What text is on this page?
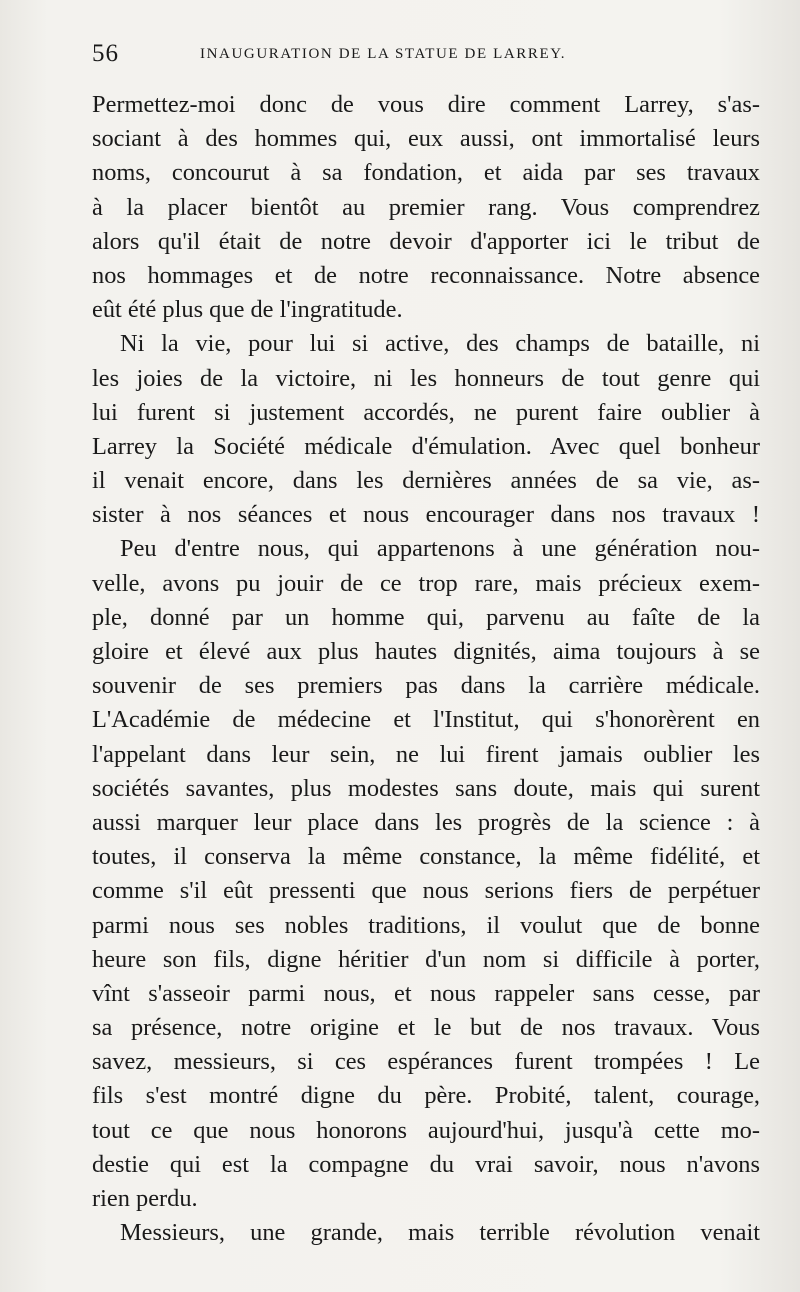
56	INAUGURATION DE LA STATUE DE LARREY.
Permettez-moi donc de vous dire comment Larrey, s'as-
sociant à des hommes qui, eux aussi, ont immortalisé leurs
noms, concourut à sa fondation, et aida par ses travaux
à la placer bientôt au premier rang. Vous comprendrez
alors qu'il était de notre devoir d'apporter ici le tribut de
nos hommages et de notre reconnaissance. Notre absence
eût été plus que de l'ingratitude.
Ni la vie, pour lui si active, des champs de bataille, ni
les joies de la victoire, ni les honneurs de tout genre qui
lui furent si justement accordés, ne purent faire oublier à
Larrey la Société médicale d'émulation. Avec quel bonheur
il venait encore, dans les dernières années de sa vie, as-
sister à nos séances et nous encourager dans nos travaux !
Peu d'entre nous, qui appartenons à une génération nou-
velle, avons pu jouir de ce trop rare, mais précieux exem-
ple, donné par un homme qui, parvenu au faîte de la
gloire et élevé aux plus hautes dignités, aima toujours à se
souvenir de ses premiers pas dans la carrière médicale.
L'Académie de médecine et l'Institut, qui s'honorèrent en
l'appelant dans leur sein, ne lui firent jamais oublier les
sociétés savantes, plus modestes sans doute, mais qui surent
aussi marquer leur place dans les progrès de la science : à
toutes, il conserva la même constance, la même fidélité, et
comme s'il eût pressenti que nous serions fiers de perpétuer
parmi nous ses nobles traditions, il voulut que de bonne
heure son fils, digne héritier d'un nom si difficile à porter,
vînt s'asseoir parmi nous, et nous rappeler sans cesse, par
sa présence, notre origine et le but de nos travaux. Vous
savez, messieurs, si ces espérances furent trompées ! Le
fils s'est montré digne du père. Probité, talent, courage,
tout ce que nous honorons aujourd'hui, jusqu'à cette mo-
destie qui est la compagne du vrai savoir, nous n'avons
rien perdu.
Messieurs, une grande, mais terrible révolution venait
